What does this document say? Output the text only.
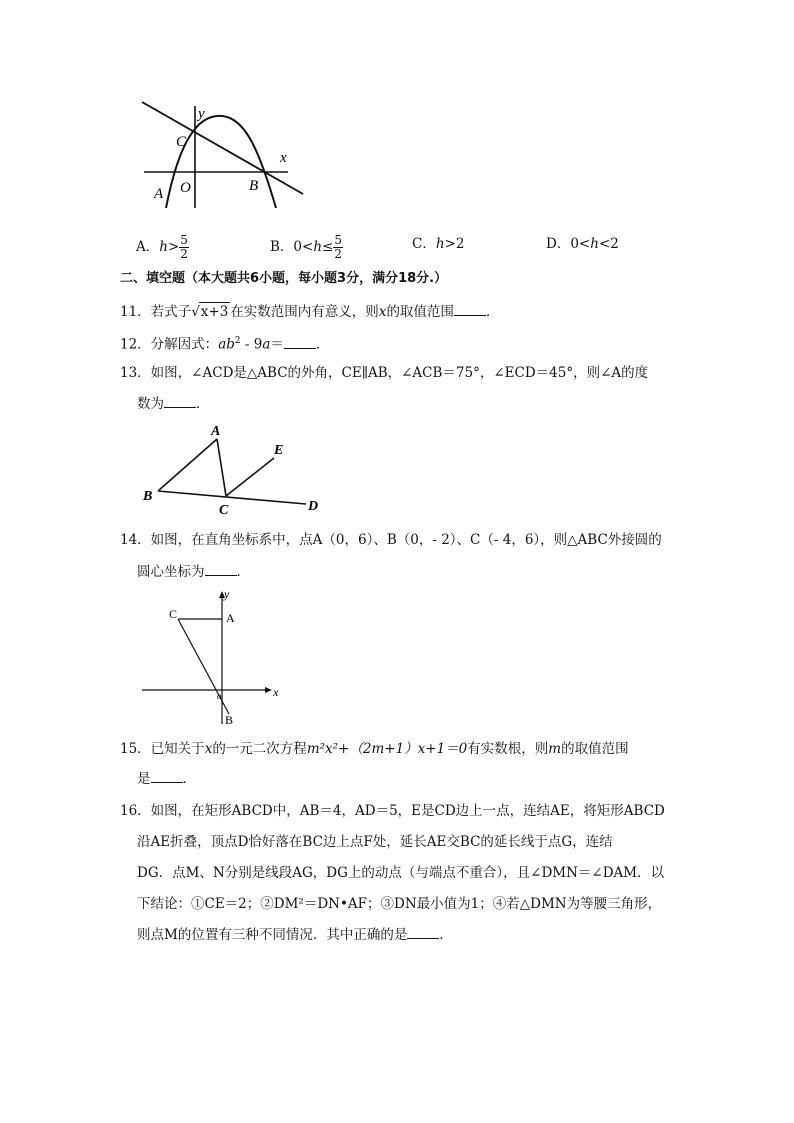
y
x
C
O
A	B
A．$h> \frac{5}{2}$	B．$0<h\le \frac{5}{2}$	C．h>2	D．0<h<2
二、填空题（本大题共6小题，每小题3分，满分18分.）
11．若式子√x+3 在实数范围内有意义，则x的取值范围 ．
12．分解因式：$ab^2 - 9a=$ ．
13．如图，∠ACD是△ABC的外角，CE∥AB，∠ACB＝75°，∠ECD＝45°，则∠A的度
数为 ．
A
B
C	D
E
14．如图，在直角坐标系中，点A（0，6）、B（0，- 2）、C（- 4，6），则△ABC外接圆的
圆心坐标为 ．
C	A
B
x
y
o
15．已知关于x的一元二次方程m²x²+（2m+1）x+1＝0有实数根，则m的取值范围
是 ．
16．如图，在矩形ABCD中，AB＝4，AD＝5，E是CD边上一点，连结AE，将矩形ABCD
沿AE折叠，顶点D恰好落在BC边上点F处，延长AE交BC的延长线于点G，连结
DG．点M、N分别是线段AG，DG上的动点（与端点不重合），且∠DMN＝∠DAM．以
下结论：①CE＝2；②DM²＝DN•AF；③DN最小值为1；④若△DMN为等腰三角形，
则点M的位置有三种不同情况．其中正确的是 ．
